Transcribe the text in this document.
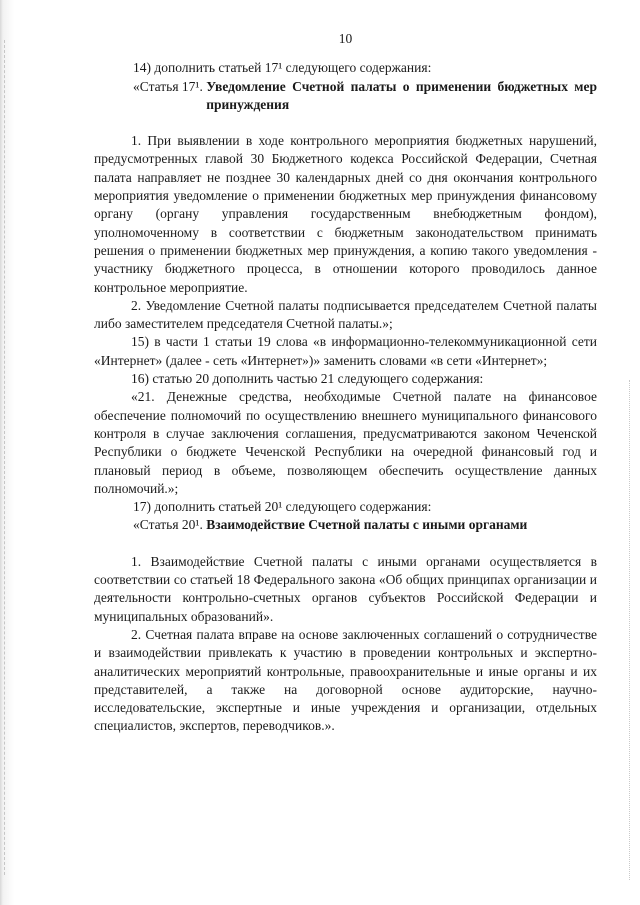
10

14) дополнить статьей 17¹ следующего содержания:

«Статья 17¹.
Уведомление Счетной палаты о применении бюджетных мер принуждения

1. При выявлении в ходе контрольного мероприятия бюджетных нарушений, предусмотренных главой 30 Бюджетного кодекса Российской Федерации, Счетная палата направляет не позднее 30 календарных дней со дня окончания контрольного мероприятия уведомление о применении бюджетных мер принуждения финансовому органу (органу управления государственным внебюджетным фондом), уполномоченному в соответствии с бюджетным законодательством принимать решения о применении бюджетных мер принуждения, а копию такого уведомления - участнику бюджетного процесса, в отношении которого проводилось данное контрольное мероприятие.

2. Уведомление Счетной палаты подписывается председателем Счетной палаты либо заместителем председателя Счетной палаты.»;

15) в части 1 статьи 19 слова «в информационно-телекоммуникационной сети «Интернет» (далее - сеть «Интернет»)» заменить словами «в сети «Интернет»;

16) статью 20 дополнить частью 21 следующего содержания:

«21. Денежные средства, необходимые Счетной палате на финансовое обеспечение полномочий по осуществлению внешнего муниципального финансового контроля в случае заключения соглашения, предусматриваются законом Чеченской Республики о бюджете Чеченской Республики на очередной финансовый год и плановый период в объеме, позволяющем обеспечить осуществление данных полномочий.»;

17) дополнить статьей 20¹ следующего содержания:

«Статья 20¹.
Взаимодействие Счетной палаты с иными органами

1. Взаимодействие Счетной палаты с иными органами осуществляется в соответствии со статьей 18 Федерального закона «Об общих принципах организации и деятельности контрольно-счетных органов субъектов Российской Федерации и муниципальных образований».

2. Счетная палата вправе на основе заключенных соглашений о сотрудничестве и взаимодействии привлекать к участию в проведении контрольных и экспертно-аналитических мероприятий контрольные, правоохранительные и иные органы и их представителей, а также на договорной основе аудиторские, научно-исследовательские, экспертные и иные учреждения и организации, отдельных специалистов, экспертов, переводчиков.».
